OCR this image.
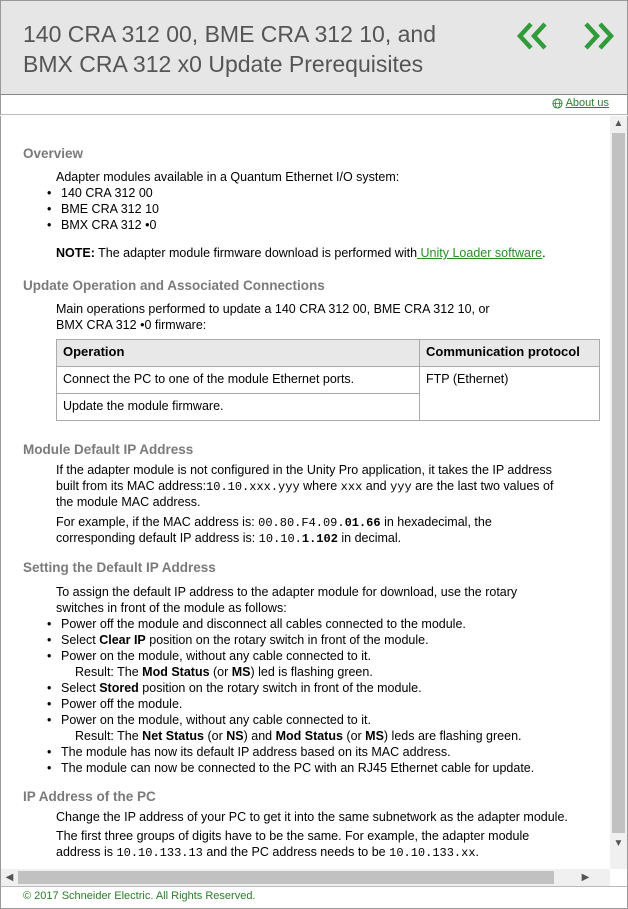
140 CRA 312 00, BME CRA 312 10, and
BMX CRA 312 x0 Update Prerequisites
About us
Overview
Adapter modules available in a Quantum Ethernet I/O system:
• 140 CRA 312 00
• BME CRA 312 10
• BMX CRA 312 •0
NOTE: The adapter module firmware download is performed with Unity Loader software.
Update Operation and Associated Connections
Main operations performed to update a 140 CRA 312 00, BME CRA 312 10, or
BMX CRA 312 •0 firmware:
Operation	Communication protocol
Connect the PC to one of the module Ethernet ports.	FTP (Ethernet)
Update the module firmware.	
Module Default IP Address
If the adapter module is not configured in the Unity Pro application, it takes the IP address
built from its MAC address:10.10.xxx.yyy where xxx and yyy are the last two values of
the module MAC address.
For example, if the MAC address is: 00.80.F4.09.01.66 in hexadecimal, the
corresponding default IP address is: 10.10.1.102 in decimal.
Setting the Default IP Address
To assign the default IP address to the adapter module for download, use the rotary
switches in front of the module as follows:
• Power off the module and disconnect all cables connected to the module.
• Select Clear IP position on the rotary switch in front of the module.
• Power on the module, without any cable connected to it.
Result: The Mod Status (or MS) led is flashing green.
• Select Stored position on the rotary switch in front of the module.
• Power off the module.
• Power on the module, without any cable connected to it.
Result: The Net Status (or NS) and Mod Status (or MS) leds are flashing green.
• The module has now its default IP address based on its MAC address.
• The module can now be connected to the PC with an RJ45 Ethernet cable for update.
IP Address of the PC
Change the IP address of your PC to get it into the same subnetwork as the adapter module.
The first three groups of digits have to be the same. For example, the adapter module
address is 10.10.133.13 and the PC address needs to be 10.10.133.xx.
▲
▼
◀	▶
© 2017 Schneider Electric. All Rights Reserved.
